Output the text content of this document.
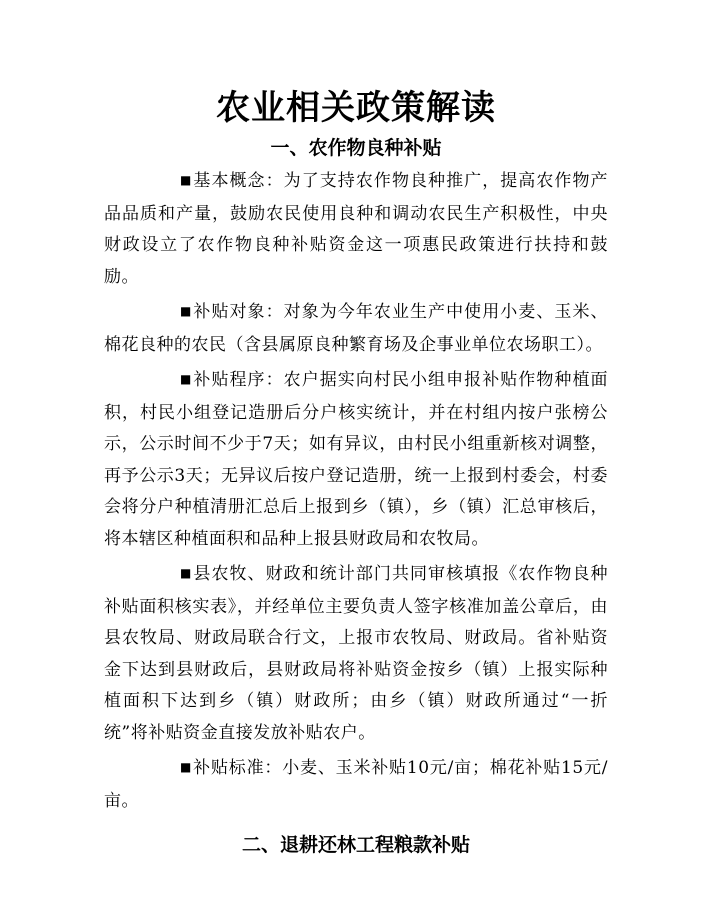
农业相关政策解读
一、农作物良种补贴

■基本概念：为了支持农作物良种推广，提高农作物产品品质和产量，鼓励农民使用良种和调动农民生产积极性，中央财政设立了农作物良种补贴资金这一项惠民政策进行扶持和鼓励。

■补贴对象：对象为今年农业生产中使用小麦、玉米、棉花良种的农民（含县属原良种繁育场及企事业单位农场职工）。

■补贴程序：农户据实向村民小组申报补贴作物种植面积，村民小组登记造册后分户核实统计，并在村组内按户张榜公示，公示时间不少于7天；如有异议，由村民小组重新核对调整，再予公示3天；无异议后按户登记造册，统一上报到村委会，村委会将分户种植清册汇总后上报到乡（镇），乡（镇）汇总审核后，将本辖区种植面积和品种上报县财政局和农牧局。

■县农牧、财政和统计部门共同审核填报《农作物良种补贴面积核实表》，并经单位主要负责人签字核准加盖公章后，由县农牧局、财政局联合行文，上报市农牧局、财政局。省补贴资金下达到县财政后，县财政局将补贴资金按乡（镇）上报实际种植面积下达到乡（镇）财政所；由乡（镇）财政所通过“一折统”将补贴资金直接发放补贴农户。

■补贴标准：小麦、玉米补贴10元/亩；棉花补贴15元/亩。

二、退耕还林工程粮款补贴
